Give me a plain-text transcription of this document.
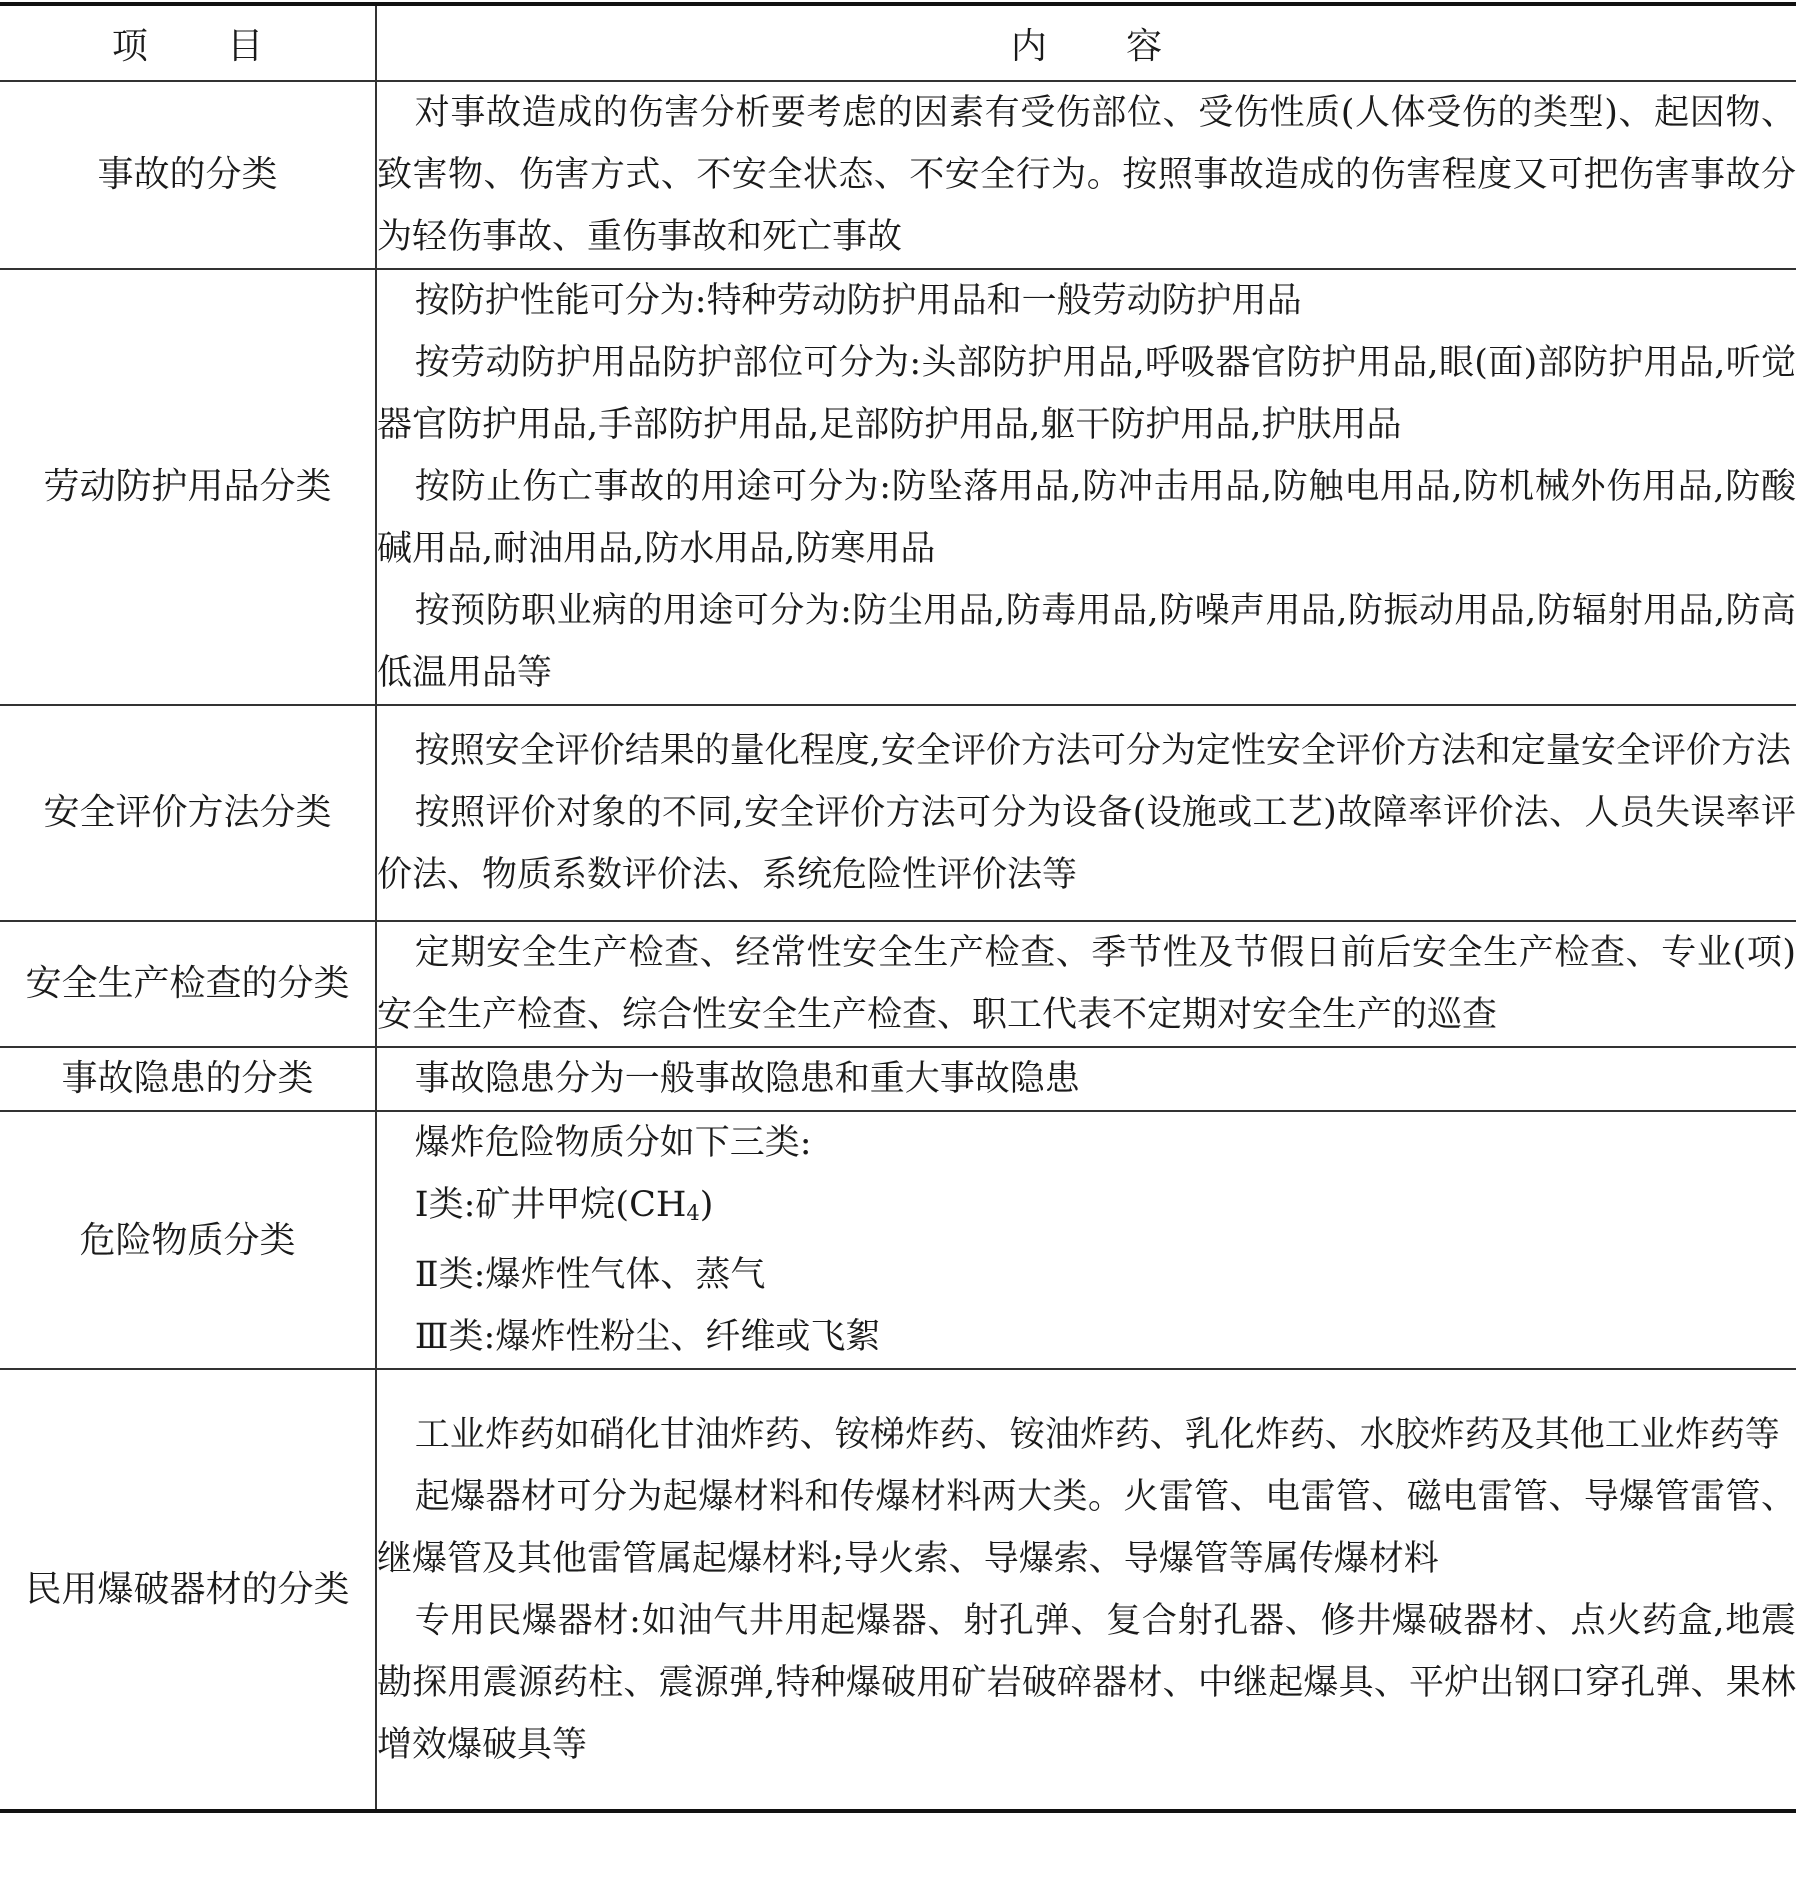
项目	内容
事故的分类	对事故造成的伤害分析要考虑的因素有受伤部位、受伤性质(人体受伤的类型)、起因物、致害物、伤害方式、不安全状态、不安全行为。按照事故造成的伤害程度又可把伤害事故分为轻伤事故、重伤事故和死亡事故

劳动防护用品分类	按防护性能可分为:特种劳动防护用品和一般劳动防护用品

按劳动防护用品防护部位可分为:头部防护用品,呼吸器官防护用品,眼(面)部防护用品,听觉器官防护用品,手部防护用品,足部防护用品,躯干防护用品,护肤用品

按防止伤亡事故的用途可分为:防坠落用品,防冲击用品,防触电用品,防机械外伤用品,防酸碱用品,耐油用品,防水用品,防寒用品

按预防职业病的用途可分为:防尘用品,防毒用品,防噪声用品,防振动用品,防辐射用品,防高低温用品等

安全评价方法分类	按照安全评价结果的量化程度,安全评价方法可分为定性安全评价方法和定量安全评价方法

按照评价对象的不同,安全评价方法可分为设备(设施或工艺)故障率评价法、人员失误率评价法、物质系数评价法、系统危险性评价法等

安全生产检查的分类	定期安全生产检查、经常性安全生产检查、季节性及节假日前后安全生产检查、专业(项)安全生产检查、综合性安全生产检查、职工代表不定期对安全生产的巡查

事故隐患的分类	事故隐患分为一般事故隐患和重大事故隐患

危险物质分类	爆炸危险物质分如下三类:

Ⅰ类:矿井甲烷$(CH_4)$

Ⅱ类:爆炸性气体、蒸气

Ⅲ类:爆炸性粉尘、纤维或飞絮

民用爆破器材的分类	工业炸药如硝化甘油炸药、铵梯炸药、铵油炸药、乳化炸药、水胶炸药及其他工业炸药等

起爆器材可分为起爆材料和传爆材料两大类。火雷管、电雷管、磁电雷管、导爆管雷管、继爆管及其他雷管属起爆材料;导火索、导爆索、导爆管等属传爆材料

专用民爆器材:如油气井用起爆器、射孔弹、复合射孔器、修井爆破器材、点火药盒,地震勘探用震源药柱、震源弹,特种爆破用矿岩破碎器材、中继起爆具、平炉出钢口穿孔弹、果林增效爆破具等
